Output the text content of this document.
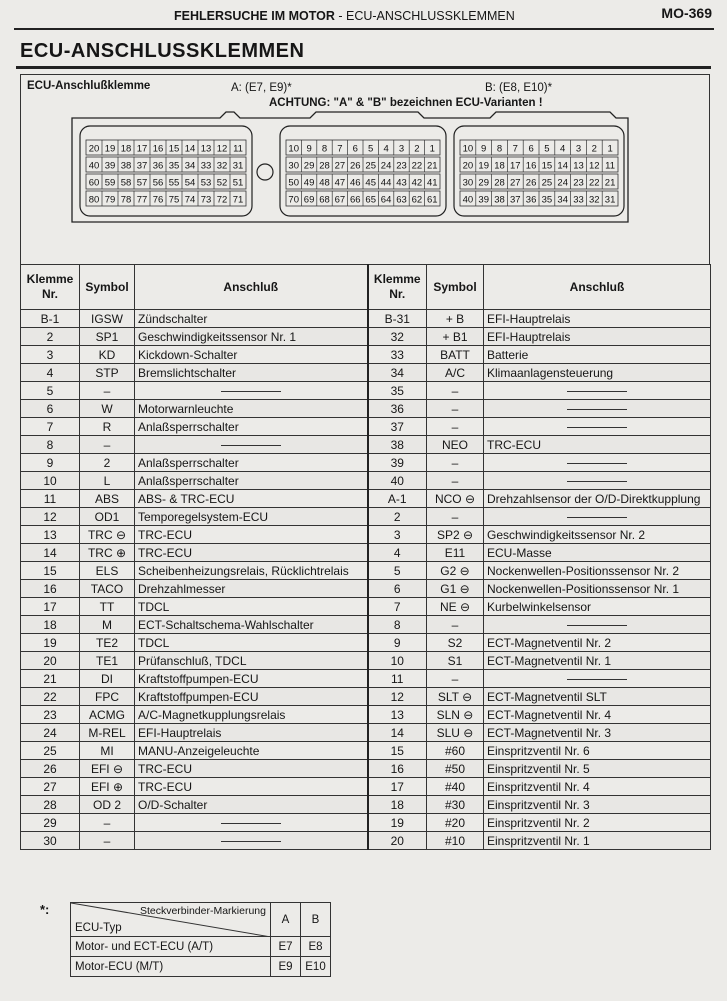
FEHLERSUCHE IM MOTOR - ECU-ANSCHLUSSKLEMMEN	MO-369
ECU-ANSCHLUSSKLEMMEN
ECU-Anschlußklemme	A: (E7, E9)*	B: (E8, E10)*
ACHTUNG: "A" & "B" bezeichnen ECU-Varianten !
20 19 18 17 16 15 14 13 12 11
40 39 38 37 36 35 34 33 32 31
60 59 58 57 56 55 54 53 52 51
80 79 78 77 76 75 74 73 72 71
10 9 8 7 6 5 4 3 2 1
30 29 28 27 26 25 24 23 22 21
50 49 48 47 46 45 44 43 42 41
70 69 68 67 66 65 64 63 62 61
10 9 8 7 6 5 4 3 2 1
20 19 18 17 16 15 14 13 12 11
30 29 28 27 26 25 24 23 22 21
40 39 38 37 36 35 34 33 32 31
Klemme Nr.	Symbol	Anschluß	Klemme Nr.	Symbol	Anschluß
B-1	IGSW	Zündschalter	B-31	+ B	EFI-Hauptrelais
2	SP1	Geschwindigkeitssensor Nr. 1	32	+ B1	EFI-Hauptrelais
3	KD	Kickdown-Schalter	33	BATT	Batterie
4	STP	Bremslichtschalter	34	A/C	Klimaanlagensteuerung
5	–		35	–	
6	W	Motorwarnleuchte	36	–	
7	R	Anlaßsperrschalter	37	–	
8	–		38	NEO	TRC-ECU
9	2	Anlaßsperrschalter	39	–	
10	L	Anlaßsperrschalter	40	–	
11	ABS	ABS- & TRC-ECU	A-1	NCO ⊖	Drehzahlsensor der O/D-Direktkupplung
12	OD1	Temporegelsystem-ECU	2	–	
13	TRC ⊖	TRC-ECU	3	SP2 ⊖	Geschwindigkeitssensor Nr. 2
14	TRC ⊕	TRC-ECU	4	E11	ECU-Masse
15	ELS	Scheibenheizungsrelais, Rücklichtrelais	5	G2 ⊖	Nockenwellen-Positionssensor Nr. 2
16	TACO	Drehzahlmesser	6	G1 ⊖	Nockenwellen-Positionssensor Nr. 1
17	TT	TDCL	7	NE ⊖	Kurbelwinkelsensor
18	M	ECT-Schaltschema-Wahlschalter	8	–	
19	TE2	TDCL	9	S2	ECT-Magnetventil Nr. 2
20	TE1	Prüfanschluß, TDCL	10	S1	ECT-Magnetventil Nr. 1
21	DI	Kraftstoffpumpen-ECU	11	–	
22	FPC	Kraftstoffpumpen-ECU	12	SLT ⊖	ECT-Magnetventil SLT
23	ACMG	A/C-Magnetkupplungsrelais	13	SLN ⊖	ECT-Magnetventil Nr. 4
24	M-REL	EFI-Hauptrelais	14	SLU ⊖	ECT-Magnetventil Nr. 3
25	MI	MANU-Anzeigeleuchte	15	#60	Einspritzventil Nr. 6
26	EFI ⊖	TRC-ECU	16	#50	Einspritzventil Nr. 5
27	EFI ⊕	TRC-ECU	17	#40	Einspritzventil Nr. 4
28	OD 2	O/D-Schalter	18	#30	Einspritzventil Nr. 3
29	–		19	#20	Einspritzventil Nr. 2
30	–		20	#10	Einspritzventil Nr. 1
*:	Steckverbinder-Markierung
ECU-Typ	A	B
Motor- und ECT-ECU (A/T)	E7	E8
Motor-ECU (M/T)	E9	E10
